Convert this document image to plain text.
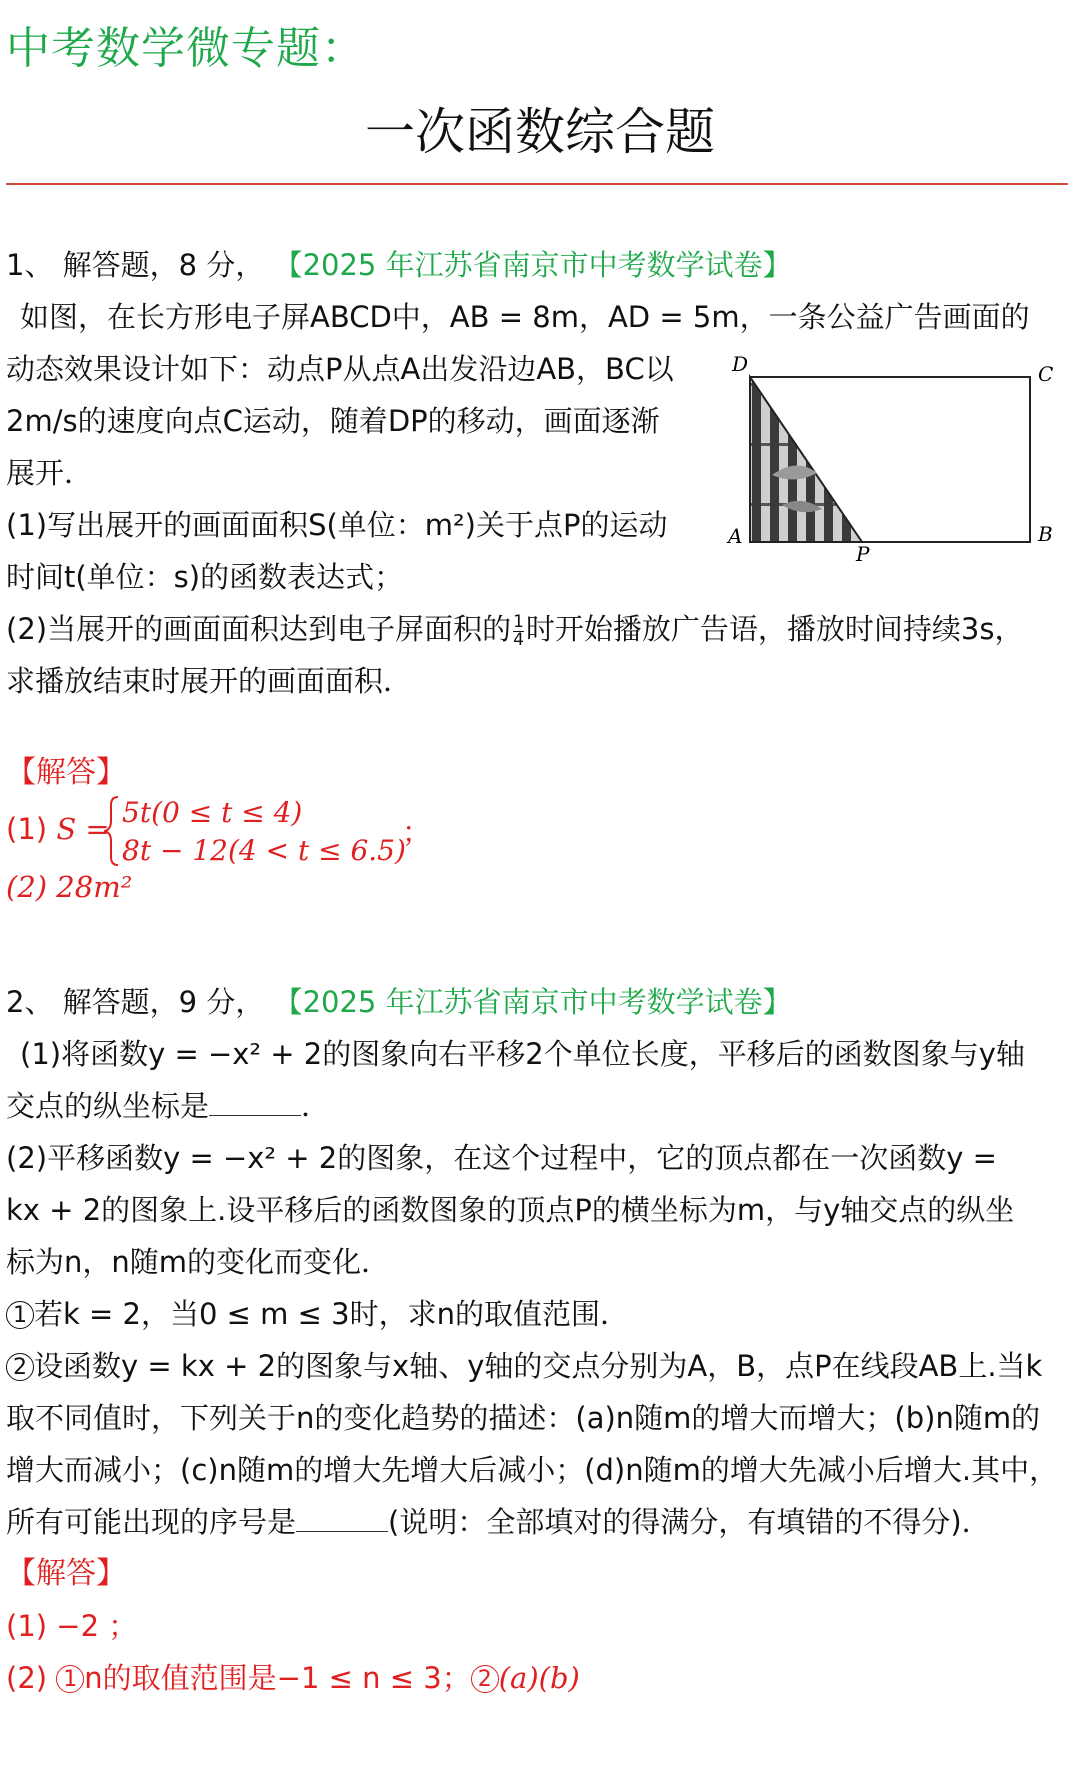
中考数学微专题：
一次函数综合题
1、 解答题，8 分， 【2025 年江苏省南京市中考数学试卷】
如图，在长方形电子屏ABCD中，AB = 8m，AD = 5m，一条公益广告画面的
动态效果设计如下：动点P从点A出发沿边AB，BC以
2m/s的速度向点C运动，随着DP的移动，画面逐渐
展开．
(1)写出展开的画面面积S(单位：m²)关于点P的运动
时间t(单位：s)的函数表达式；
(2)当展开的画面面积达到电子屏面积的 $\frac{1}{4}$ 时开始播放广告语，播放时间持续3s，
求播放结束时展开的画面面积．
D	C
A	B
P
【解答】
(1) S = 5t(0 ≤ t ≤ 4)
8t − 12(4 < t ≤ 6.5)
；
(2) 28m²
2、 解答题，9 分， 【2025 年江苏省南京市中考数学试卷】
(1)将函数y = −x² + 2的图象向右平移2个单位长度，平移后的函数图象与y轴
交点的纵坐标是	．
(2)平移函数y = −x² + 2的图象，在这个过程中，它的顶点都在一次函数y =
kx + 2的图象上.设平移后的函数图象的顶点P的横坐标为m，与y轴交点的纵坐
标为n，n随m的变化而变化．
1 若k = 2，当0 ≤ m ≤ 3时，求n的取值范围．
2 设函数y = kx + 2的图象与x轴、y轴的交点分别为A，B，点P在线段AB上.当k
取不同值时，下列关于n的变化趋势的描述：(a)n随m的增大而增大；(b)n随m的
增大而减小；(c)n随m的增大先增大后减小；(d)n随m的增大先减小后增大.其中，
所有可能出现的序号是	(说明：全部填对的得满分，有填错的不得分)．
【解答】
(1) −2 ；
(2) 1 n的取值范围是−1 ≤ n ≤ 3； 2 (a)(b)
